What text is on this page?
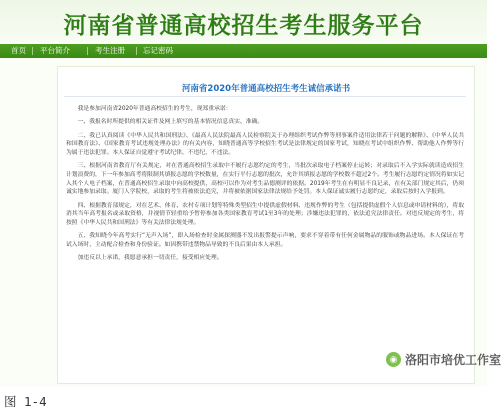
河南省普通高校招生考生服务平台
首页 平台简介	考生注册 忘记密码
河南省2020年普通高校招生考生诚信承诺书

我是参加河南省2020年普通高校招生的考生，现郑重承诺：

一、我报名时所提供的相关证件及网上填写的基本情况信息真实、准确。

二、我已认真阅读《中华人民共和国刑法》、《最高人民法院最高人民检察院关于办理组织考试作弊等刑事案件适用法律若干问题的解释》、《中华人民共和国教育法》、《国家教育考试违规处理办法》的有关内容，知晓普通高等学校招生考试是法律规定的国家考试，知晓在考试中组织作弊、帮助他人作弊等行为属于违法犯罪。本人保证自觉遵守考试纪律，不违纪、不违法。

三、根据河南省教育厅有关规定，对在普通高校招生录取中不履行志愿约定的考生，当批次录取电子档案停止运转；对录取后不入学实际就读造成招生计划浪费的，下一年参加高考将限制其填报志愿的学校数量，在实行平行志愿的批次，允许其填报志愿的学校数不超过2个。考生履行志愿约定情况将如实记入其个人电子档案，在普通高校招生录取中向高校提供，高校可以作为对考生品德测评的依据。2019年考生在有明显不良记录，在有关部门规定其后，仍须诚实地参加录取。厦门人学院校，录取的考生将被依法追究，并将被依据国家法律法规给予处罚。本人保证诚实履行志愿约定，录取后按时入学报到。

四、根据教育部规定，对在艺术、体育、农村专项计划等特殊类型招生中提供虚假材料、违规作弊的考生（包括提供虚假个人信息或申请材料的），将取消其当年高考报名或录取资格，并视情节轻重给予暂停参加各类国家教育考试1至3年的处理；涉嫌违法犯罪的，依法追究法律责任。对违反规定的考生，将按照《中华人民共和国刑法》等有关法律法规处理。

五、我知晓今年高考实行“无声入场”，即入场检查时金属探测器不发出报警提示声响，要求不穿着带有任何金属物品的服饰或物品进场。本人保证在考试入场时，主动配合检查和身份验证。如因携带违禁物品导致的不良后果由本人承担。

加违反以上承诺，我愿意承担一切责任，接受相应处理。

◉ 洛阳市培优工作室
图 1-4
